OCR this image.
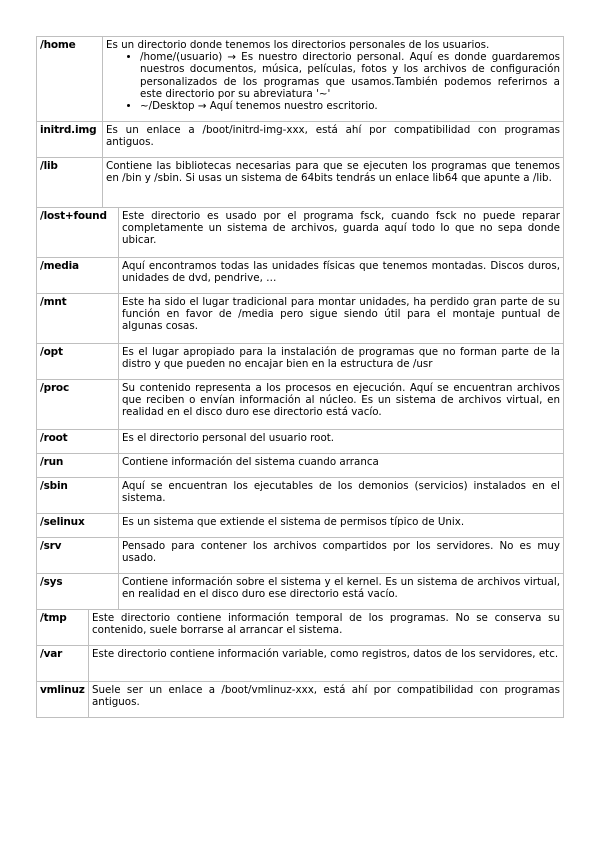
/home	Es un directorio donde tenemos los directorios personales de los usuarios.
• /home/(usuario) → Es nuestro directorio personal. Aquí es donde guardaremos nuestros documentos, música, películas, fotos y los archivos de configuración personalizados de los programas que usamos.También podemos referirnos a este directorio por su abreviatura '~'
• ~/Desktop → Aquí tenemos nuestro escritorio.
initrd.img Es un enlace a /boot/initrd-img-xxx, está ahí por compatibilidad con programas antiguos.
/lib	Contiene las bibliotecas necesarias para que se ejecuten los programas que tenemos en /bin y /sbin. Si usas un sistema de 64bits tendrás un enlace lib64 que apunte a /lib.
/lost+found	Este directorio es usado por el programa fsck, cuando fsck no puede reparar completamente un sistema de archivos, guarda aquí todo lo que no sepa donde ubicar.
/media	Aquí encontramos todas las unidades físicas que tenemos montadas. Discos duros, unidades de dvd, pendrive, …
/mnt	Este ha sido el lugar tradicional para montar unidades, ha perdido gran parte de su función en favor de /media pero sigue siendo útil para el montaje puntual de algunas cosas.
/opt	Es el lugar apropiado para la instalación de programas que no forman parte de la distro y que pueden no encajar bien en la estructura de /usr
/proc	Su contenido representa a los procesos en ejecución. Aquí se encuentran archivos que reciben o envían información al núcleo. Es un sistema de archivos virtual, en realidad en el disco duro ese directorio está vacío.
/root	Es el directorio personal del usuario root.
/run	Contiene información del sistema cuando arranca
/sbin	Aquí se encuentran los ejecutables de los demonios (servicios) instalados en el sistema.
/selinux	Es un sistema que extiende el sistema de permisos típico de Unix.
/srv	Pensado para contener los archivos compartidos por los servidores. No es muy usado.
/sys	Contiene información sobre el sistema y el kernel. Es un sistema de archivos virtual, en realidad en el disco duro ese directorio está vacío.
/tmp	Este directorio contiene información temporal de los programas. No se conserva su contenido, suele borrarse al arrancar el sistema.
/var	Este directorio contiene información variable, como registros, datos de los servidores, etc.
vmlinuz Suele ser un enlace a /boot/vmlinuz-xxx, está ahí por compatibilidad con programas antiguos.
